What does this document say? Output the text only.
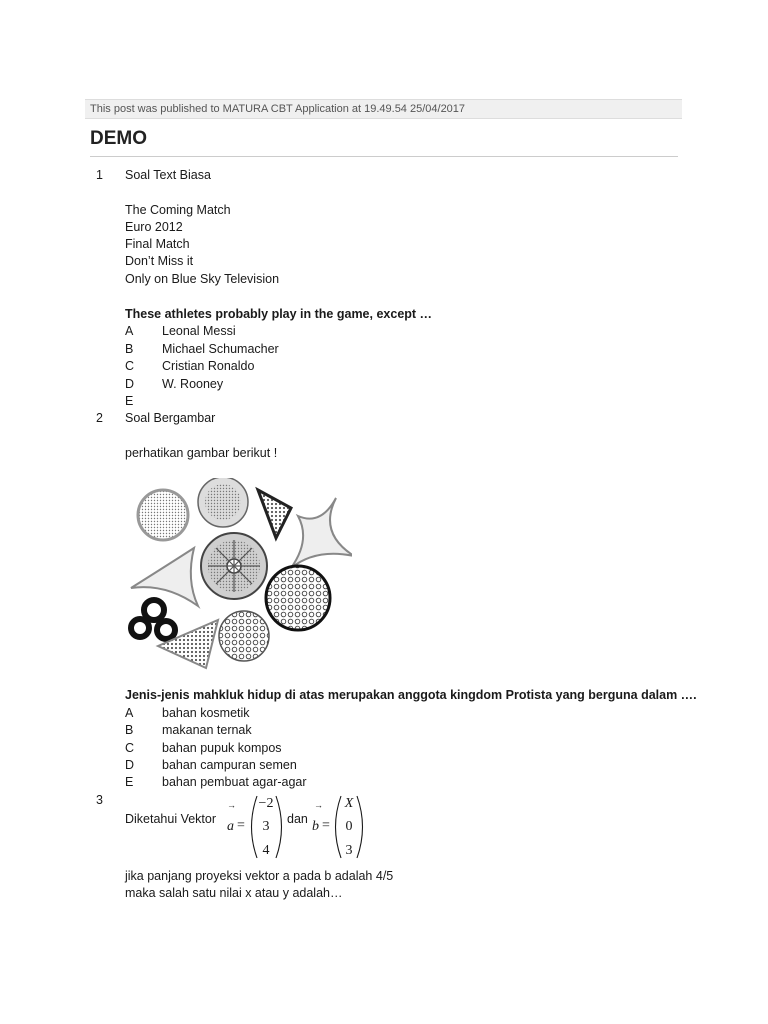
This post was published to MATURA CBT Application at 19.49.54 25/04/2017
DEMO
1 Soal Text Biasa
The Coming Match
Euro 2012
Final Match
Don’t Miss it
Only on Blue Sky Television
These athletes probably play in the game, except …
A Leonal Messi
B Michael Schumacher
C Cristian Ronaldo
D W. Rooney
E
2 Soal Bergambar
perhatikan gambar berikut !
Jenis-jenis mahkluk hidup di atas merupakan anggota kingdom Protista yang berguna dalam ….
A bahan kosmetik
B makanan ternak
C bahan pupuk kompos
D bahan campuran semen
E bahan pembuat agar-agar
3
Diketahui Vektor
→
a =
−2
3
4
dan
→
b =
X
0
3
jika panjang proyeksi vektor a pada b adalah 4/5
maka salah satu nilai x atau y adalah…
